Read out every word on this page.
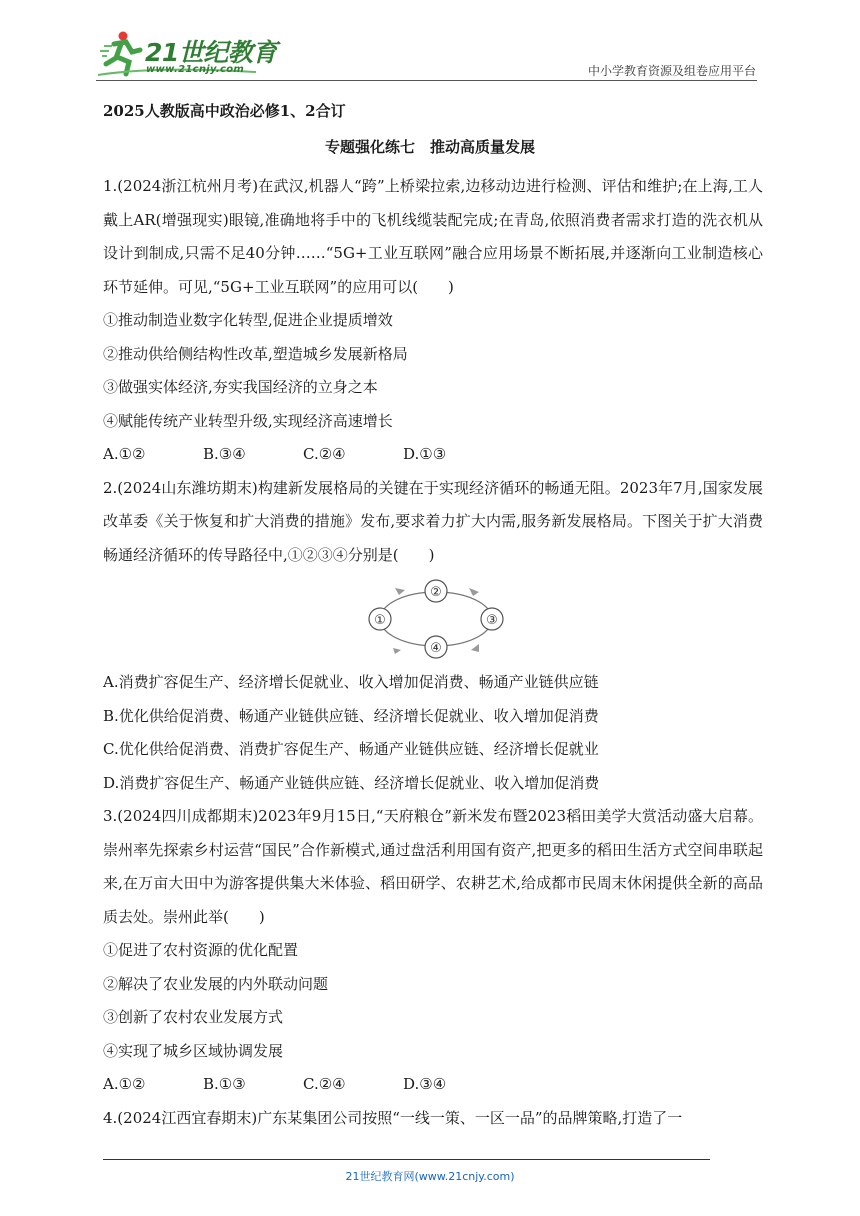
21世纪教育
www.21cnjy.com	中小学教育资源及组卷应用平台
2025人教版高中政治必修1、2合订
专题强化练七　推动高质量发展

1.(2024浙江杭州月考)在武汉,机器人“跨”上桥梁拉索,边移动边进行检测、评估和维护;在上海,工人戴上AR(增强现实)眼镜,准确地将手中的飞机线缆装配完成;在青岛,依照消费者需求打造的洗衣机从设计到制成,只需不足40分钟……“5G+工业互联网”融合应用场景不断拓展,并逐渐向工业制造核心环节延伸。可见,“5G+工业互联网”的应用可以(　　)

①推动制造业数字化转型,促进企业提质增效

②推动供给侧结构性改革,塑造城乡发展新格局

③做强实体经济,夯实我国经济的立身之本

④赋能传统产业转型升级,实现经济高速增长

A.①②	B.③④	C.②④	D.①③

2.(2024山东潍坊期末)构建新发展格局的关键在于实现经济循环的畅通无阻。2023年7月,国家发展改革委《关于恢复和扩大消费的措施》发布,要求着力扩大内需,服务新发展格局。下图关于扩大消费畅通经济循环的传导路径中,①②③④分别是(　　)

①
②
③
④

A.消费扩容促生产、经济增长促就业、收入增加促消费、畅通产业链供应链

B.优化供给促消费、畅通产业链供应链、经济增长促就业、收入增加促消费

C.优化供给促消费、消费扩容促生产、畅通产业链供应链、经济增长促就业

D.消费扩容促生产、畅通产业链供应链、经济增长促就业、收入增加促消费

3.(2024四川成都期末)2023年9月15日,“天府粮仓”新米发布暨2023稻田美学大赏活动盛大启幕。崇州率先探索乡村运营“国民”合作新模式,通过盘活利用国有资产,把更多的稻田生活方式空间串联起来,在万亩大田中为游客提供集大米体验、稻田研学、农耕艺术,给成都市民周末休闲提供全新的高品质去处。崇州此举(　　)

①促进了农村资源的优化配置

②解决了农业发展的内外联动问题

③创新了农村农业发展方式

④实现了城乡区域协调发展

A.①②	B.①③	C.②④	D.③④

4.(2024江西宜春期末)广东某集团公司按照“一线一策、一区一品”的品牌策略,打造了一

21世纪教育网(www.21cnjy.com)
